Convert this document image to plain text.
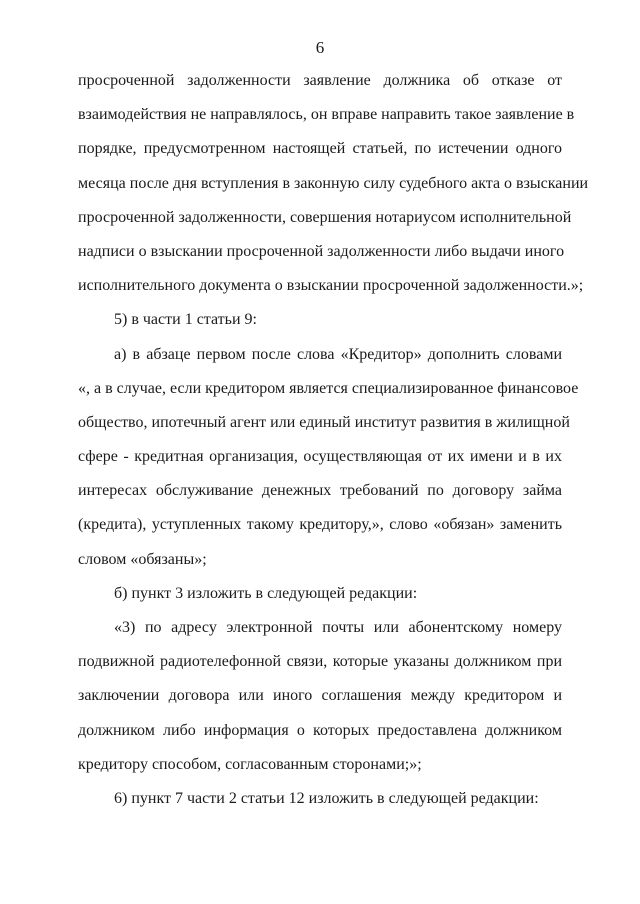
6
просроченной задолженности заявление должника об отказе от
взаимодействия не направлялось, он вправе направить такое заявление в
порядке, предусмотренном настоящей статьей, по истечении одного
месяца после дня вступления в законную силу судебного акта о взыскании
просроченной задолженности, совершения нотариусом исполнительной
надписи о взыскании просроченной задолженности либо выдачи иного
исполнительного документа о взыскании просроченной задолженности.»;
5) в части 1 статьи 9:
а) в абзаце первом после слова «Кредитор» дополнить словами
«, а в случае, если кредитором является специализированное финансовое
общество, ипотечный агент или единый институт развития в жилищной
сфере - кредитная организация, осуществляющая от их имени и в их
интересах обслуживание денежных требований по договору займа
(кредита), уступленных такому кредитору,», слово «обязан» заменить
словом «обязаны»;
б) пункт 3 изложить в следующей редакции:
«3) по адресу электронной почты или абонентскому номеру
подвижной радиотелефонной связи, которые указаны должником при
заключении договора или иного соглашения между кредитором и
должником либо информация о которых предоставлена должником
кредитору способом, согласованным сторонами;»;
6) пункт 7 части 2 статьи 12 изложить в следующей редакции:
